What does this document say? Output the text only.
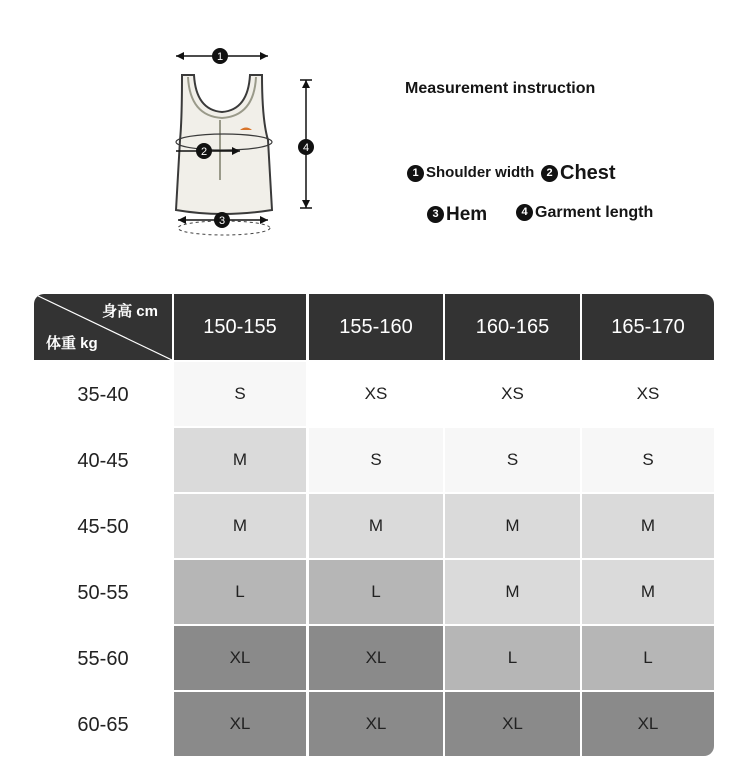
1
2
3
4
Measurement instruction
1 Shoulder width	2 Chest
3 Hem	4 Garment length
身高 cm
体重 kg
150-155	155-160	160-165	165-170
35-40	S	XS	XS	XS
40-45	M	S	S	S
45-50	M	M	M	M
50-55	L	L	M	M
55-60	XL	XL	L	L
60-65	XL	XL	XL	XL
